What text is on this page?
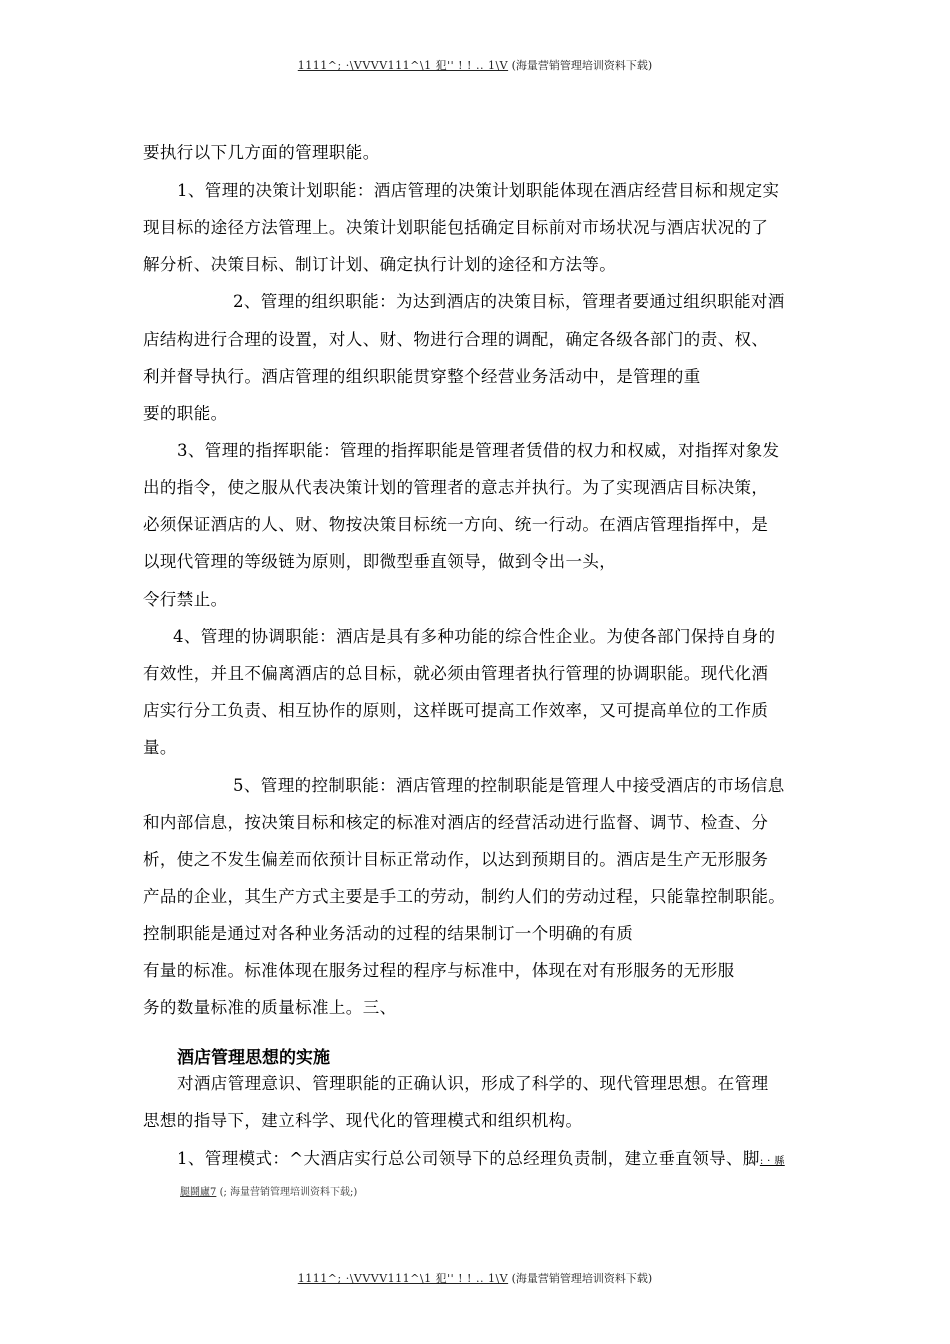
1111^; ·\VVVV111^\1 犯'' ! ! .. 1\V (海量营销管理培训资料下载)
要执行以下几方面的管理职能。
1、管理的决策计划职能：酒店管理的决策计划职能体现在酒店经营目标和规定实
现目标的途径方法管理上。决策计划职能包括确定目标前对市场状况与酒店状况的了
解分析、决策目标、制订计划、确定执行计划的途径和方法等。
2、管理的组织职能：为达到酒店的决策目标，管理者要通过组织职能对酒
店结构进行合理的设置，对人、财、物进行合理的调配，确定各级各部门的责、权、
利并督导执行。酒店管理的组织职能贯穿整个经营业务活动中，是管理的重
要的职能。
3、管理的指挥职能：管理的指挥职能是管理者赁借的权力和权威，对指挥对象发
出的指令，使之服从代表决策计划的管理者的意志并执行。为了实现酒店目标决策，
必须保证酒店的人、财、物按决策目标统一方向、统一行动。在酒店管理指挥中，是
以现代管理的等级链为原则，即微型垂直领导，做到令出一头，
令行禁止。
4、管理的协调职能：酒店是具有多种功能的综合性企业。为使各部门保持自身的
有效性，并且不偏离酒店的总目标，就必须由管理者执行管理的协调职能。现代化酒
店实行分工负责、相互协作的原则，这样既可提高工作效率，又可提高单位的工作质
量。
5、管理的控制职能：酒店管理的控制职能是管理人中接受酒店的市场信息
和内部信息，按决策目标和核定的标准对酒店的经营活动进行监督、调节、检查、分
析，使之不发生偏差而依预计目标正常动作，以达到预期目的。酒店是生产无形服务
产品的企业，其生产方式主要是手工的劳动，制约人们的劳动过程，只能靠控制职能。
控制职能是通过对各种业务活动的过程的结果制订一个明确的有质
有量的标准。标准体现在服务过程的程序与标准中，体现在对有形服务的无形服
务的数量标准的质量标准上。三、
酒店管理思想的实施
对酒店管理意识、管理职能的正确认识，形成了科学的、现代管理思想。在管理
思想的指导下，建立科学、现代化的管理模式和组织机构。
1、管理模式：^大酒店实行总公司领导下的总经理负责制，建立垂直领导、脚: · 縣
腿鬪廬7 (; 海量营销管理培训资料下载;)
1111^; ·\VVVV111^\1 犯'' ! ! .. 1\V (海量营销管理培训资料下载)
